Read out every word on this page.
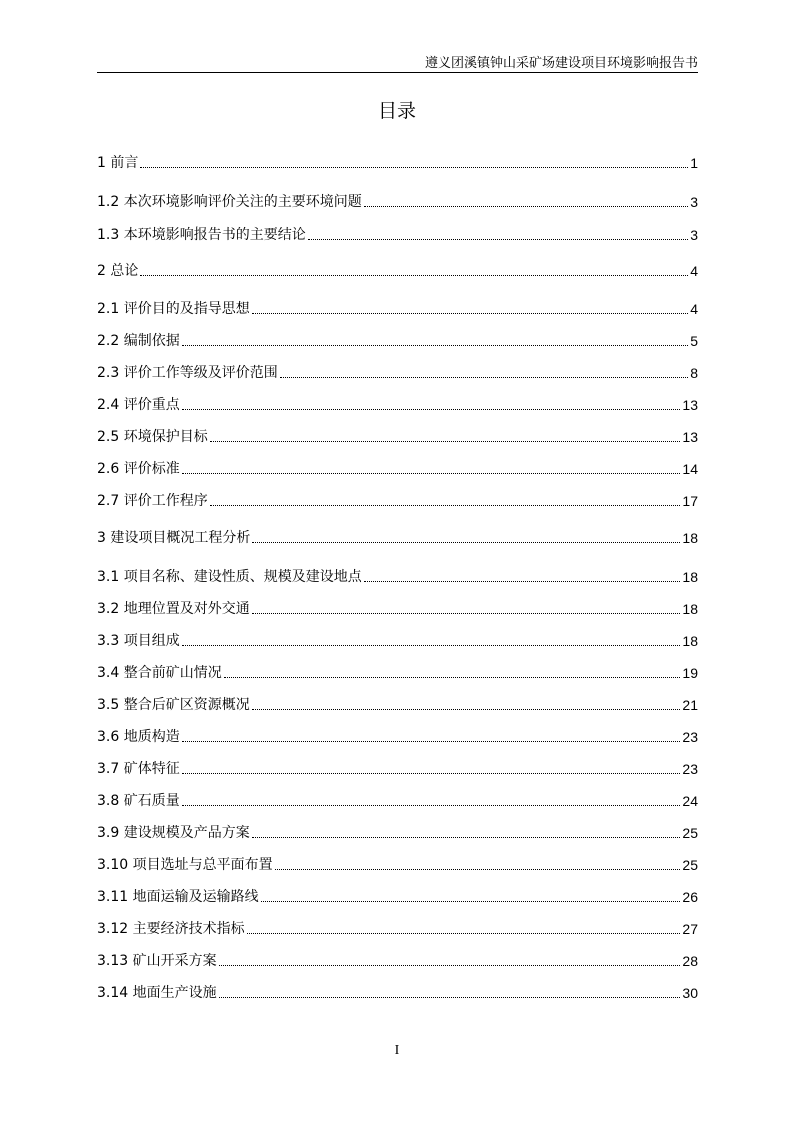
遵义团溪镇钟山采矿场建设项目环境影响报告书
目录
1 前言	1
1.2 本次环境影响评价关注的主要环境问题	3
1.3 本环境影响报告书的主要结论	3
2 总论	4
2.1 评价目的及指导思想	4
2.2 编制依据	5
2.3 评价工作等级及评价范围	8
2.4 评价重点	13
2.5 环境保护目标	13
2.6 评价标准	14
2.7 评价工作程序	17
3 建设项目概况工程分析	18
3.1 项目名称、建设性质、规模及建设地点	18
3.2 地理位置及对外交通	18
3.3 项目组成	18
3.4 整合前矿山情况	19
3.5 整合后矿区资源概况	21
3.6 地质构造	23
3.7 矿体特征	23
3.8 矿石质量	24
3.9 建设规模及产品方案	25
3.10 项目选址与总平面布置	25
3.11 地面运输及运输路线	26
3.12 主要经济技术指标	27
3.13 矿山开采方案	28
3.14 地面生产设施	30
I
